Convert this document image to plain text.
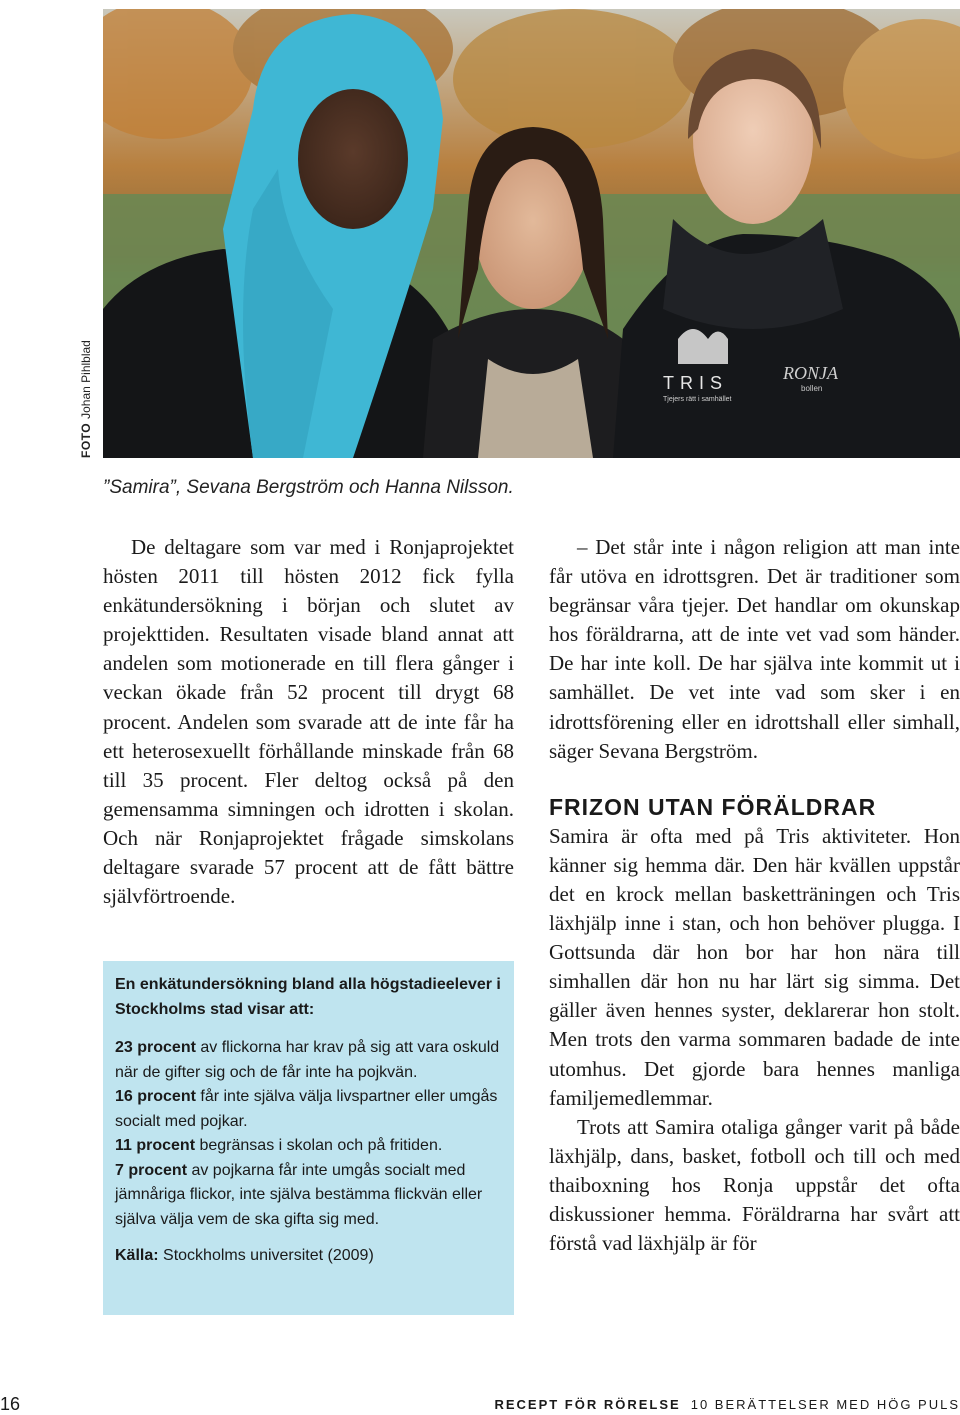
TRIS
Tjejers rätt i samhället
RONJA
bollen
FOTOJohan Pihlblad
”Samira”, Sevana Bergström och Hanna Nilsson.

De deltagare som var med i Ronjaprojektet hösten 2011 till hösten 2012 fick fylla enkätundersökning i början och slutet av projekttiden. Resultaten visade bland annat att andelen som motionerade en till flera gånger i veckan ökade från 52 procent till drygt 68 procent. Andelen som svarade att de inte får ha ett heterosexuellt förhållande minskade från 68 till 35 procent. Fler deltog också på den gemensamma simningen och idrotten i skolan. Och när Ronjaprojektet frågade simskolans deltagare svarade 57 procent att de fått bättre självförtroende.

En enkätundersökning bland alla högstadieelever i Stockholms stad visar att:

23 procent av flickorna har krav på sig att vara oskuld när de gifter sig och de får inte ha pojkvän.

16 procent får inte själva välja livspartner eller umgås socialt med pojkar.

11 procent begränsas i skolan och på fritiden.

7 procent av pojkarna får inte umgås socialt med jämnåriga flickor, inte själva bestämma flickvän eller själva välja vem de ska gifta sig med.

Källa: Stockholms universitet (2009)

– Det står inte i någon religion att man inte får utöva en idrottsgren. Det är traditioner som begränsar våra tjejer. Det handlar om okunskap hos föräldrarna, att de inte vet vad som händer. De har inte koll. De har själva inte kommit ut i samhället. De vet inte vad som sker i en idrottsförening eller en idrottshall eller simhall, säger Sevana Bergström.

FRIZON UTAN FÖRÄLDRAR

Samira är ofta med på Tris aktiviteter. Hon känner sig hemma där. Den här kvällen uppstår det en krock mellan basketträningen och Tris läxhjälp inne i stan, och hon behöver plugga. I Gottsunda där hon bor har hon nära till simhallen där hon nu har lärt sig simma. Det gäller även hennes syster, deklarerar hon stolt. Men trots den varma sommaren badade de inte utomhus. Det gjorde bara hennes manliga familjemedlemmar.

Trots att Samira otaliga gånger varit på både läxhjälp, dans, basket, fotboll och till och med thaiboxning hos Ronja uppstår det ofta diskussioner hemma. Föräldrarna har svårt att förstå vad läxhjälp är för

16	RECEPT FÖR RÖRELSE 10 BERÄTTELSER MED HÖG PULS
